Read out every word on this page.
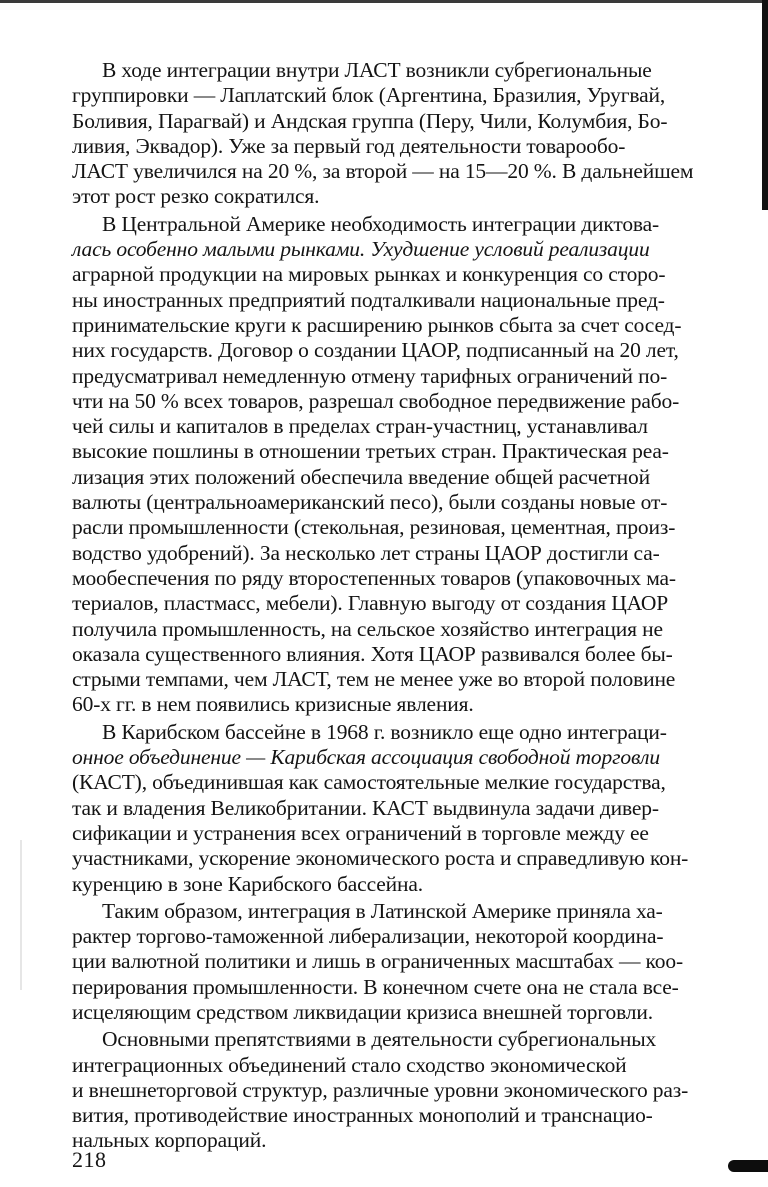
В ходе интеграции внутри ЛАСТ возникли субрегиональные
группировки — Лаплатский блок (Аргентина, Бразилия, Уругвай,
Боливия, Парагвай) и Андская группа (Перу, Чили, Колумбия, Бо-
ливия, Эквадор). Уже за первый год деятельности товарообо-
ЛАСТ увеличился на 20 %, за второй — на 15—20 %. В дальнейшем
этот рост резко сократился.
В Центральной Америке необходимость интеграции диктова-
лась особенно малыми рынками. Ухудшение условий реализации
аграрной продукции на мировых рынках и конкуренция со сторо-
ны иностранных предприятий подталкивали национальные пред-
принимательские круги к расширению рынков сбыта за счет сосед-
них государств. Договор о создании ЦАОР, подписанный на 20 лет,
предусматривал немедленную отмену тарифных ограничений по-
чти на 50 % всех товаров, разрешал свободное передвижение рабо-
чей силы и капиталов в пределах стран-участниц, устанавливал
высокие пошлины в отношении третьих стран. Практическая реа-
лизация этих положений обеспечила введение общей расчетной
валюты (центральноамериканский песо), были созданы новые от-
расли промышленности (стекольная, резиновая, цементная, произ-
водство удобрений). За несколько лет страны ЦАОР достигли са-
мообеспечения по ряду второстепенных товаров (упаковочных ма-
териалов, пластмасс, мебели). Главную выгоду от создания ЦАОР
получила промышленность, на сельское хозяйство интеграция не
оказала существенного влияния. Хотя ЦАОР развивался более бы-
стрыми темпами, чем ЛАСТ, тем не менее уже во второй половине
60-х гг. в нем появились кризисные явления.
В Карибском бассейне в 1968 г. возникло еще одно интеграци-
онное объединение — Карибская ассоциация свободной торговли
(КАСТ), объединившая как самостоятельные мелкие государства,
так и владения Великобритании. КАСТ выдвинула задачи дивер-
сификации и устранения всех ограничений в торговле между ее
участниками, ускорение экономического роста и справедливую кон-
куренцию в зоне Карибского бассейна.
Таким образом, интеграция в Латинской Америке приняла ха-
рактер торгово-таможенной либерализации, некоторой координа-
ции валютной политики и лишь в ограниченных масштабах — коо-
перирования промышленности. В конечном счете она не стала все-
исцеляющим средством ликвидации кризиса внешней торговли.
Основными препятствиями в деятельности субрегиональных
интеграционных объединений стало сходство экономической
и внешнеторговой структур, различные уровни экономического раз-
вития, противодействие иностранных монополий и транснацио-
нальных корпораций.
218
